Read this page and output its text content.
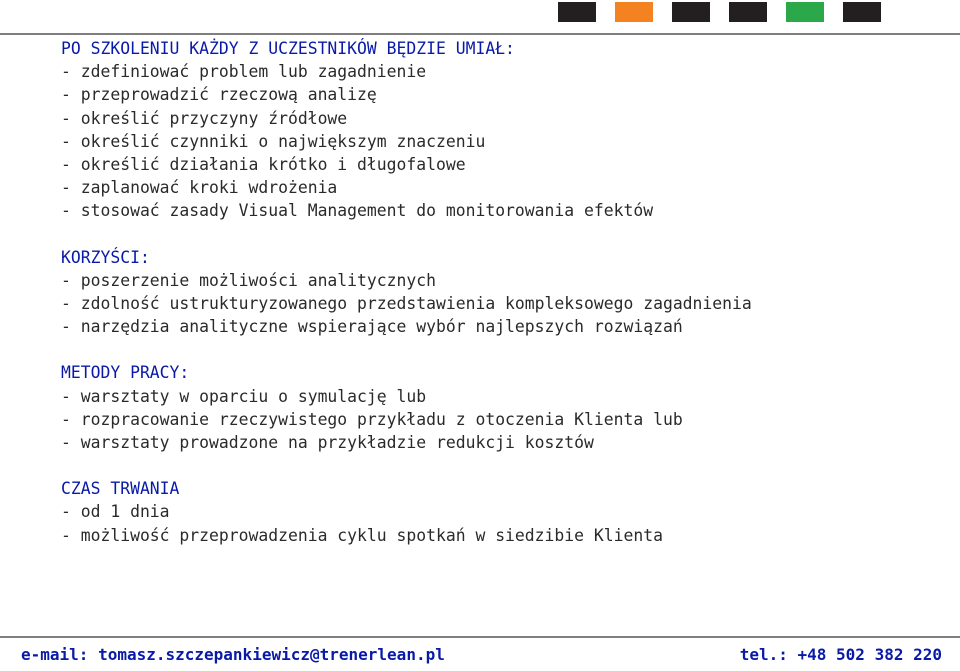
PO SZKOLENIU KAŻDY Z UCZESTNIKÓW BĘDZIE UMIAŁ:
- zdefiniować problem lub zagadnienie
- przeprowadzić rzeczową analizę
- określić przyczyny źródłowe
- określić czynniki o największym znaczeniu
- określić działania krótko i długofalowe
- zaplanować kroki wdrożenia
- stosować zasady Visual Management do monitorowania efektów
KORZYŚCI:
- poszerzenie możliwości analitycznych
- zdolność ustrukturyzowanego przedstawienia kompleksowego zagadnienia
- narzędzia analityczne wspierające wybór najlepszych rozwiązań
METODY PRACY:
- warsztaty w oparciu o symulację lub
- rozpracowanie rzeczywistego przykładu z otoczenia Klienta lub
- warsztaty prowadzone na przykładzie redukcji kosztów
CZAS TRWANIA
- od 1 dnia
- możliwość przeprowadzenia cyklu spotkań w siedzibie Klienta
e-mail: tomasz.szczepankiewicz@trenerlean.pl	tel.: +48 502 382 220
